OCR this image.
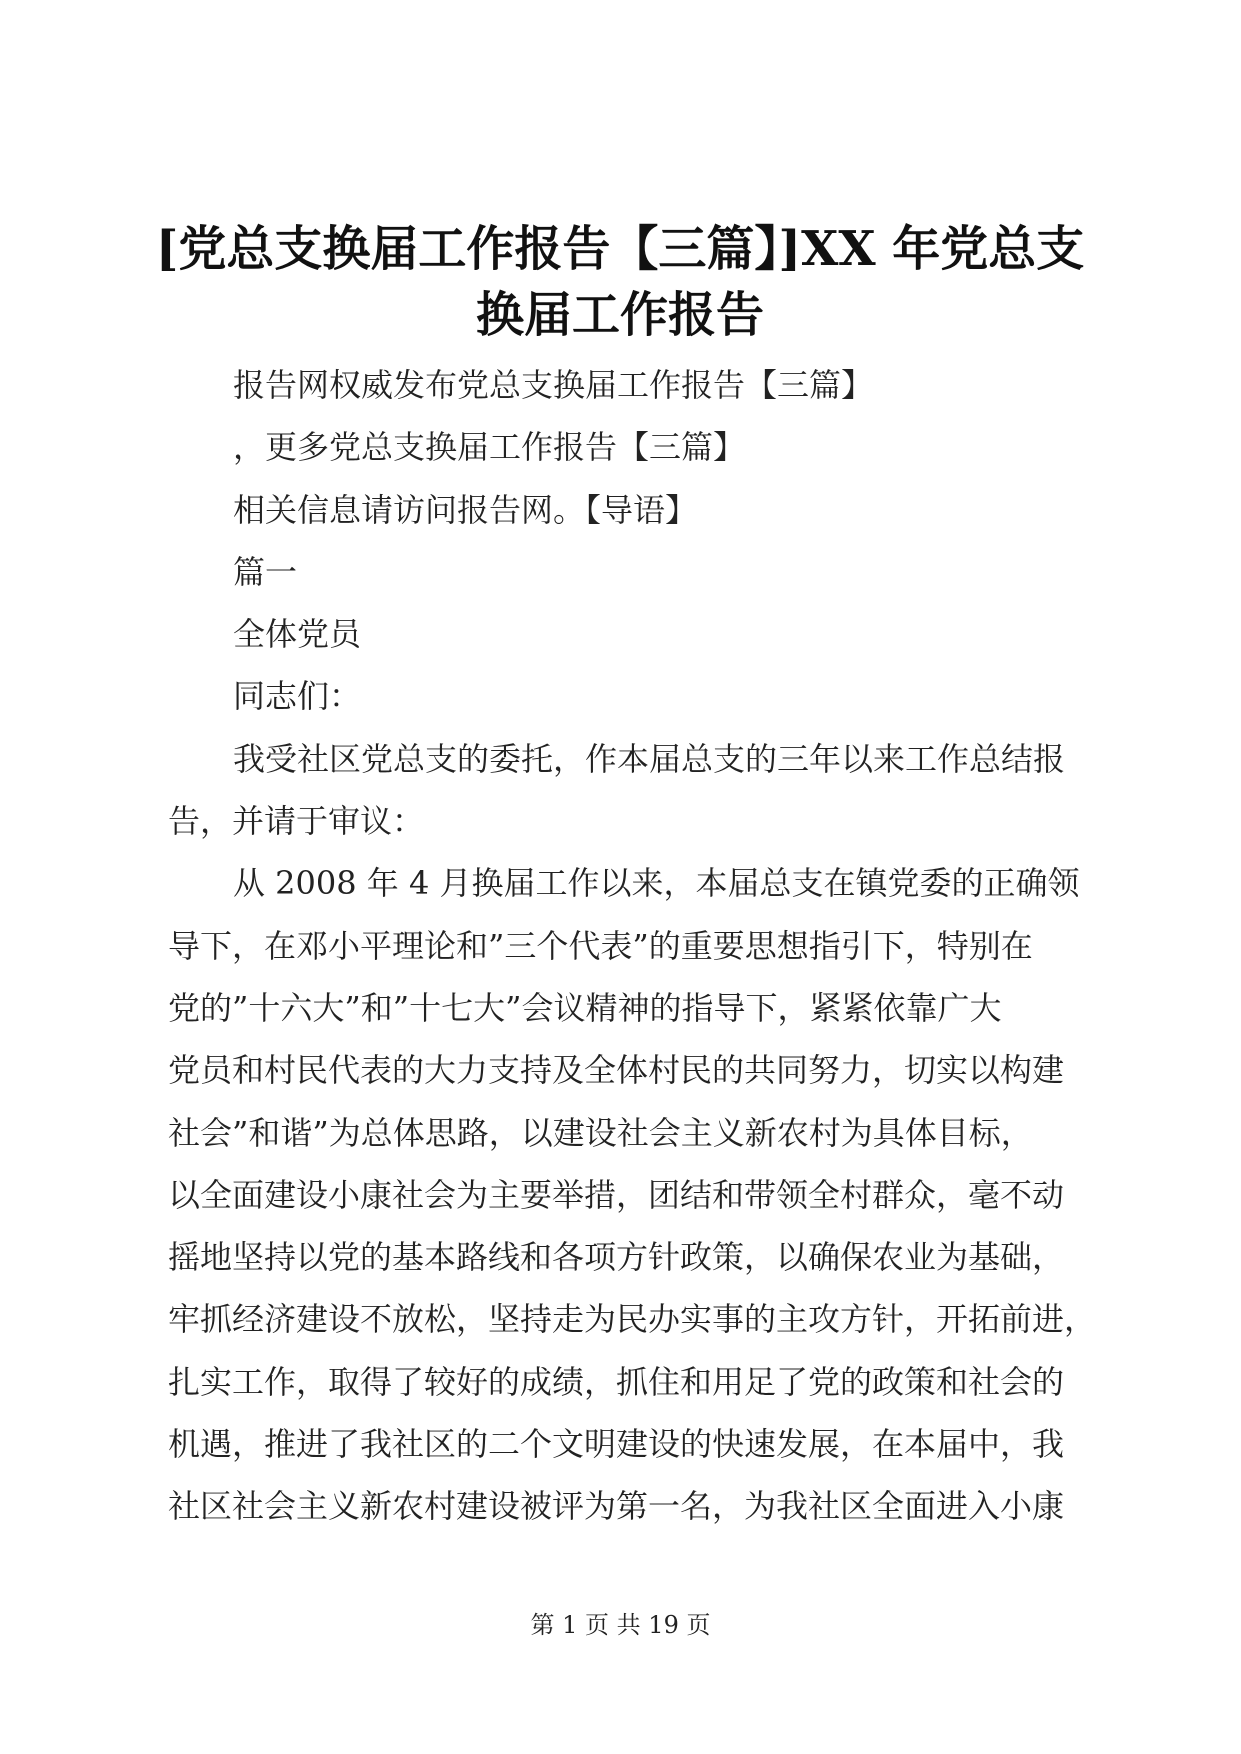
[党总支换届工作报告【三篇】]XX 年党总支
换届工作报告

报告网权威发布党总支换届工作报告【三篇】

，更多党总支换届工作报告【三篇】

相关信息请访问报告网。【导语】

篇一

全体党员

同志们：

我受社区党总支的委托，作本届总支的三年以来工作总结报

告，并请于审议：

从 2008 年 4 月换届工作以来，本届总支在镇党委的正确领

导下，在邓小平理论和”三个代表”的重要思想指引下，特别在

党的”十六大”和”十七大”会议精神的指导下，紧紧依靠广大

党员和村民代表的大力支持及全体村民的共同努力，切实以构建

社会”和谐”为总体思路，以建设社会主义新农村为具体目标，

以全面建设小康社会为主要举措，团结和带领全村群众，毫不动

摇地坚持以党的基本路线和各项方针政策，以确保农业为基础，

牢抓经济建设不放松，坚持走为民办实事的主攻方针，开拓前进，

扎实工作，取得了较好的成绩，抓住和用足了党的政策和社会的

机遇，推进了我社区的二个文明建设的快速发展，在本届中，我

社区社会主义新农村建设被评为第一名，为我社区全面进入小康

第 1 页 共 19 页
